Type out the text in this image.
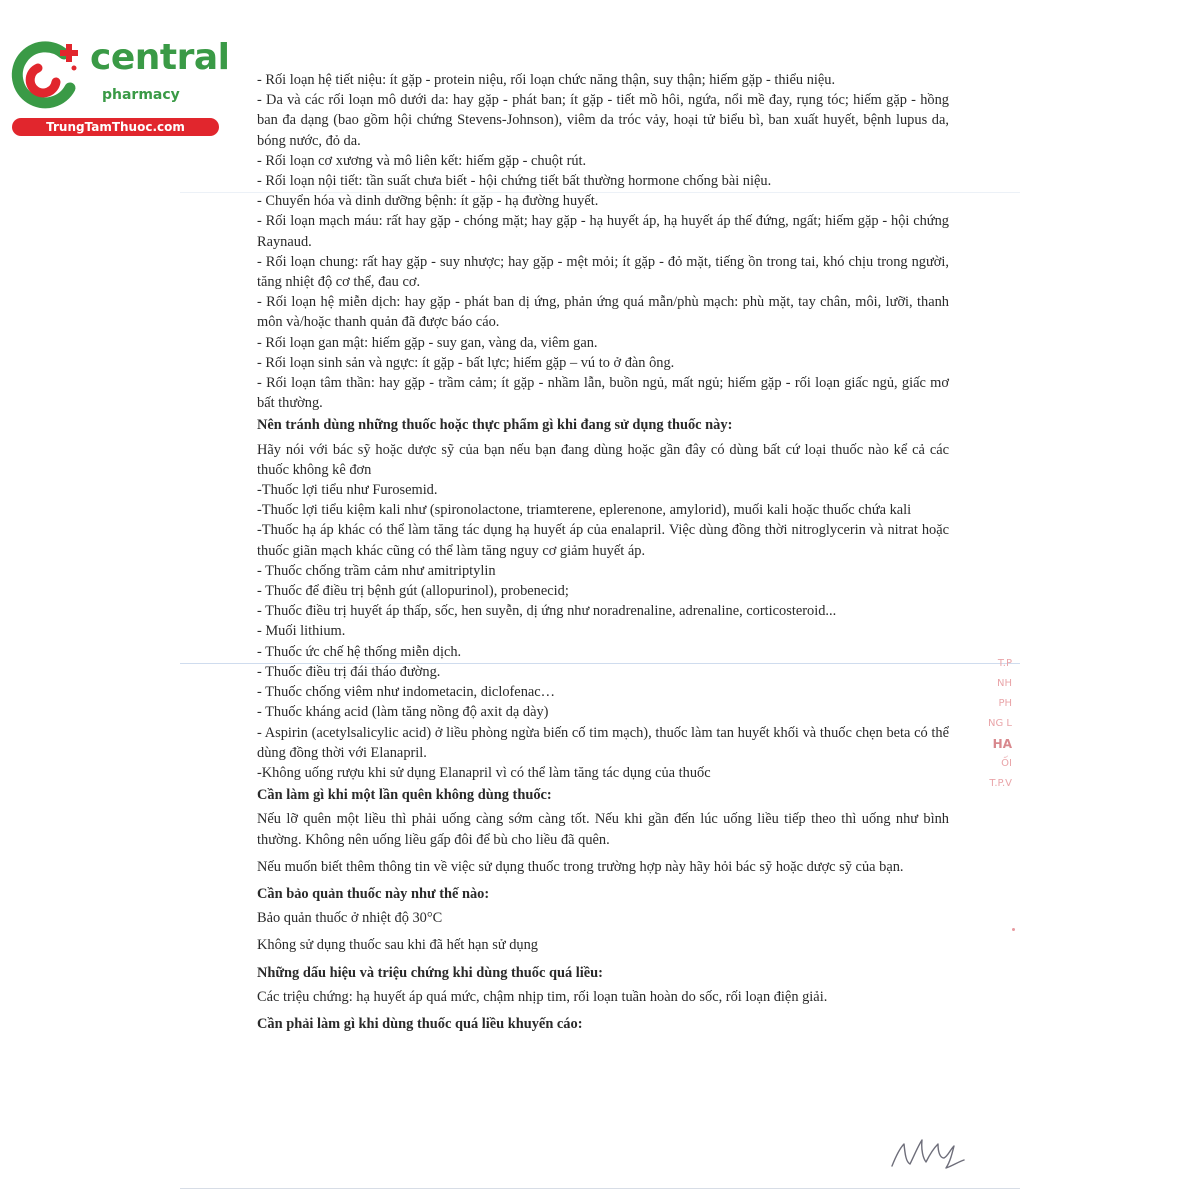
central
pharmacy
TrungTamThuoc.com

- Rối loạn hệ tiết niệu: ít gặp - protein niệu, rối loạn chức năng thận, suy thận; hiếm gặp - thiểu niệu.

- Da và các rối loạn mô dưới da: hay gặp - phát ban; ít gặp - tiết mồ hôi, ngứa, nổi mề đay, rụng tóc; hiếm gặp - hồng ban đa dạng (bao gồm hội chứng Stevens-Johnson), viêm da tróc vảy, hoại tử biểu bì, ban xuất huyết, bệnh lupus da, bóng nước, đỏ da.

- Rối loạn cơ xương và mô liên kết: hiếm gặp - chuột rút.

- Rối loạn nội tiết: tần suất chưa biết - hội chứng tiết bất thường hormone chống bài niệu.

- Chuyển hóa và dinh dưỡng bệnh: ít gặp - hạ đường huyết.

- Rối loạn mạch máu: rất hay gặp - chóng mặt; hay gặp - hạ huyết áp, hạ huyết áp thế đứng, ngất; hiếm gặp - hội chứng Raynaud.

- Rối loạn chung: rất hay gặp - suy nhược; hay gặp - mệt mỏi; ít gặp - đỏ mặt, tiếng ồn trong tai, khó chịu trong người, tăng nhiệt độ cơ thể, đau cơ.

- Rối loạn hệ miễn dịch: hay gặp - phát ban dị ứng, phản ứng quá mẫn/phù mạch: phù mặt, tay chân, môi, lưỡi, thanh môn và/hoặc thanh quản đã được báo cáo.

- Rối loạn gan mật: hiếm gặp - suy gan, vàng da, viêm gan.

- Rối loạn sinh sản và ngực: ít gặp - bất lực; hiếm gặp – vú to ở đàn ông.

- Rối loạn tâm thần: hay gặp - trầm cảm; ít gặp - nhầm lẫn, buồn ngủ, mất ngủ; hiếm gặp - rối loạn giấc ngủ, giấc mơ bất thường.

Nên tránh dùng những thuốc hoặc thực phẩm gì khi đang sử dụng thuốc này:

Hãy nói với bác sỹ hoặc dược sỹ của bạn nếu bạn đang dùng hoặc gần đây có dùng bất cứ loại thuốc nào kể cả các thuốc không kê đơn

-Thuốc lợi tiểu như Furosemid.

-Thuốc lợi tiểu kiệm kali như (spironolactone, triamterene, eplerenone, amylorid), muối kali hoặc thuốc chứa kali

-Thuốc hạ áp khác có thể làm tăng tác dụng hạ huyết áp của enalapril. Việc dùng đồng thời nitroglycerin và nitrat hoặc thuốc giãn mạch khác cũng có thể làm tăng nguy cơ giảm huyết áp.

- Thuốc chống trầm cảm như amitriptylin

- Thuốc để điều trị bệnh gút (allopurinol), probenecid;

- Thuốc điều trị huyết áp thấp, sốc, hen suyễn, dị ứng như noradrenaline, adrenaline, corticosteroid...

- Muối lithium.

- Thuốc ức chế hệ thống miễn dịch.

- Thuốc điều trị đái tháo đường.

- Thuốc chống viêm như indometacin, diclofenac…

- Thuốc kháng acid (làm tăng nồng độ axit dạ dày)

- Aspirin (acetylsalicylic acid) ở liều phòng ngừa biến cố tim mạch), thuốc làm tan huyết khối và thuốc chẹn beta có thể dùng đồng thời với Elanapril.

-Không uống rượu khi sử dụng Elanapril vì có thể làm tăng tác dụng của thuốc

Cần làm gì khi một lần quên không dùng thuốc:

Nếu lỡ quên một liều thì phải uống càng sớm càng tốt. Nếu khi gần đến lúc uống liều tiếp theo thì uống như bình thường. Không nên uống liều gấp đôi để bù cho liều đã quên.

Nếu muốn biết thêm thông tin về việc sử dụng thuốc trong trường hợp này hãy hỏi bác sỹ hoặc dược sỹ của bạn.

Cần bảo quản thuốc này như thế nào:

Bảo quản thuốc ở nhiệt độ 30°C

Không sử dụng thuốc sau khi đã hết hạn sử dụng

Những dấu hiệu và triệu chứng khi dùng thuốc quá liều:

Các triệu chứng: hạ huyết áp quá mức, chậm nhịp tim, rối loạn tuần hoàn do sốc, rối loạn điện giải.

Cần phải làm gì khi dùng thuốc quá liều khuyến cáo:

T.P
NH
PH
NG L
HA
ỐI
T.P.V
